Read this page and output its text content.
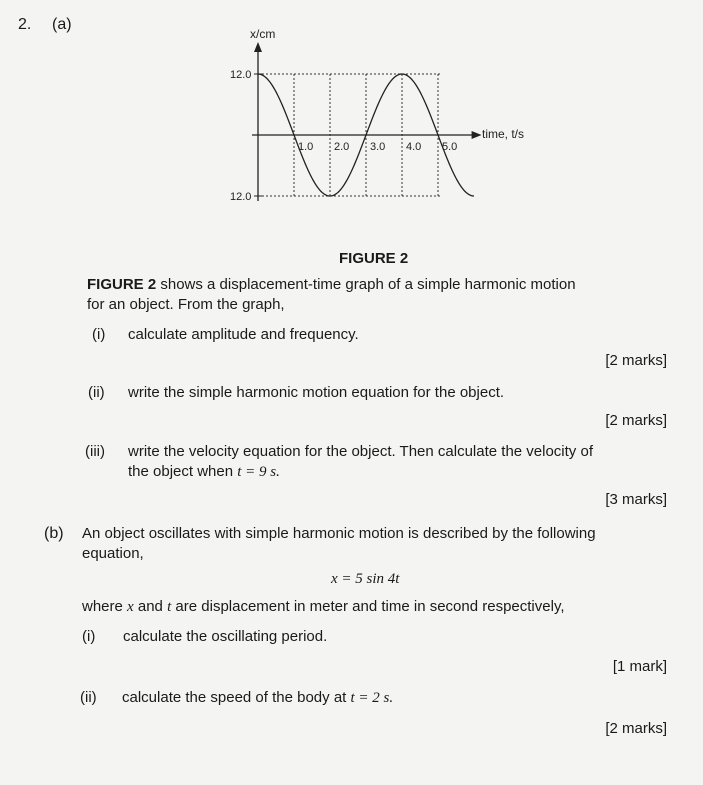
2. (a)
1.0 2.0 3.0 4.0 5.0
12.0
12.0
x/cm
time, t/s
FIGURE 2
FIGURE 2 shows a displacement-time graph of a simple harmonic motion
for an object. From the graph,
(i) calculate amplitude and frequency.
[2 marks]
(ii) write the simple harmonic motion equation for the object.
[2 marks]
(iii) write the velocity equation for the object. Then calculate the velocity of
the object when t = 9 s.
[3 marks]
(b) An object oscillates with simple harmonic motion is described by the following
equation,
x = 5 sin 4t
where x and t are displacement in meter and time in second respectively,
(i) calculate the oscillating period.
[1 mark]
(ii) calculate the speed of the body at t = 2 s.
[2 marks]
